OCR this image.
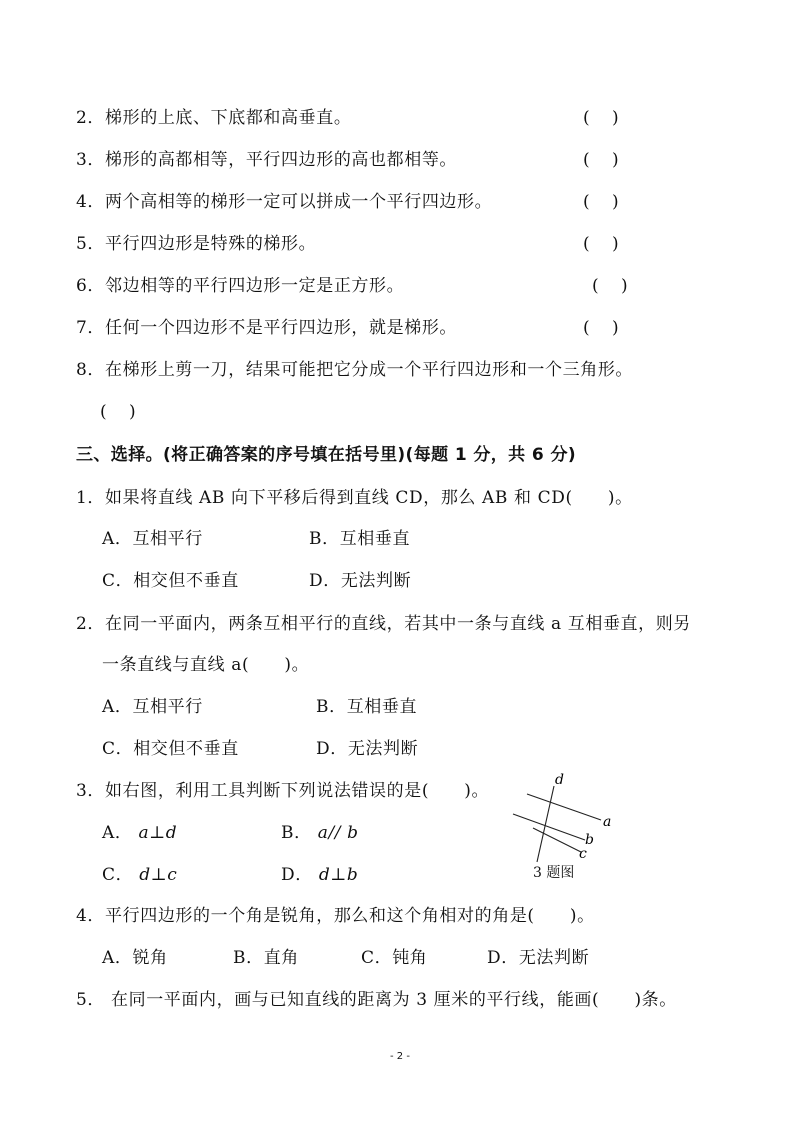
2．梯形的上底、下底都和高垂直。	(　 )
3．梯形的高都相等，平行四边形的高也都相等。	(　 )
4．两个高相等的梯形一定可以拼成一个平行四边形。	(　 )
5．平行四边形是特殊的梯形。	(　 )
6．邻边相等的平行四边形一定是正方形。	(　 )
7．任何一个四边形不是平行四边形，就是梯形。	(　 )
8．在梯形上剪一刀，结果可能把它分成一个平行四边形和一个三角形。
(　 )
三、选择。(将正确答案的序号填在括号里)(每题 1 分，共 6 分)
1．如果将直线 AB 向下平移后得到直线 CD，那么 AB 和 CD(　　)。
A．互相平行	B．互相垂直
C．相交但不垂直	D．无法判断
2．在同一平面内，两条互相平行的直线，若其中一条与直线 a 互相垂直，则另
一条直线与直线 a(　　)。
A．互相平行	B．互相垂直
C．相交但不垂直	D．无法判断
3．如右图，利用工具判断下列说法错误的是(　　)。
A． a⊥d	B． a// b
C． d⊥c	D． d⊥b
d
a
b
c
3 题图
4．平行四边形的一个角是锐角，那么和这个角相对的角是(　　)。
A．锐角	B．直角	C．钝角	D．无法判断
5． 在同一平面内，画与已知直线的距离为 3 厘米的平行线，能画(　　)条。
- 2 -
